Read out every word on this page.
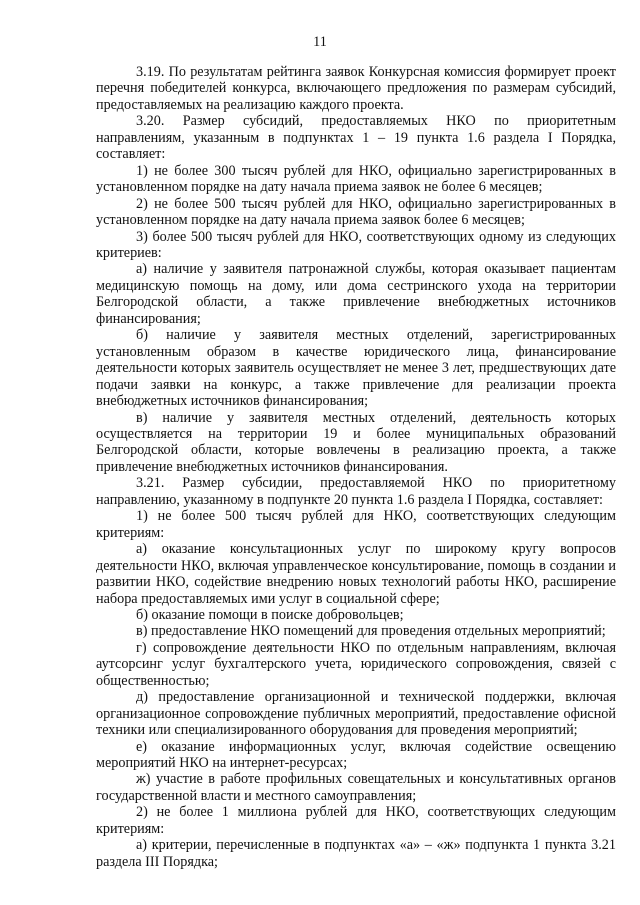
11

3.19. По результатам рейтинга заявок Конкурсная комиссия формирует проект перечня победителей конкурса, включающего предложения по размерам субсидий, предоставляемых на реализацию каждого проекта.

3.20. Размер субсидий, предоставляемых НКО по приоритетным направлениям, указанным в подпунктах 1 – 19 пункта 1.6 раздела I Порядка, составляет:

1) не более 300 тысяч рублей для НКО, официально зарегистрированных в установленном порядке на дату начала приема заявок не более 6 месяцев;

2) не более 500 тысяч рублей для НКО, официально зарегистрированных в установленном порядке на дату начала приема заявок более 6 месяцев;

3) более 500 тысяч рублей для НКО, соответствующих одному из следующих критериев:

а) наличие у заявителя патронажной службы, которая оказывает пациентам медицинскую помощь на дому, или дома сестринского ухода на территории Белгородской области, а также привлечение внебюджетных источников финансирования;

б) наличие у заявителя местных отделений, зарегистрированных установленным образом в качестве юридического лица, финансирование деятельности которых заявитель осуществляет не менее 3 лет, предшествующих дате подачи заявки на конкурс, а также привлечение для реализации проекта внебюджетных источников финансирования;

в) наличие у заявителя местных отделений, деятельность которых осуществляется на территории 19 и более муниципальных образований Белгородской области, которые вовлечены в реализацию проекта, а также привлечение внебюджетных источников финансирования.

3.21. Размер субсидии, предоставляемой НКО по приоритетному направлению, указанному в подпункте 20 пункта 1.6 раздела I Порядка, составляет:

1) не более 500 тысяч рублей для НКО, соответствующих следующим критериям:

а) оказание консультационных услуг по широкому кругу вопросов деятельности НКО, включая управленческое консультирование, помощь в создании и развитии НКО, содействие внедрению новых технологий работы НКО, расширение набора предоставляемых ими услуг в социальной сфере;

б) оказание помощи в поиске добровольцев;

в) предоставление НКО помещений для проведения отдельных мероприятий;

г) сопровождение деятельности НКО по отдельным направлениям, включая аутсорсинг услуг бухгалтерского учета, юридического сопровождения, связей с общественностью;

д) предоставление организационной и технической поддержки, включая организационное сопровождение публичных мероприятий, предоставление офисной техники или специализированного оборудования для проведения мероприятий;

е) оказание информационных услуг, включая содействие освещению мероприятий НКО на интернет-ресурсах;

ж) участие в работе профильных совещательных и консультативных органов государственной власти и местного самоуправления;

2) не более 1 миллиона рублей для НКО, соответствующих следующим критериям:

а) критерии, перечисленные в подпунктах «а» – «ж» подпункта 1 пункта 3.21 раздела III Порядка;
